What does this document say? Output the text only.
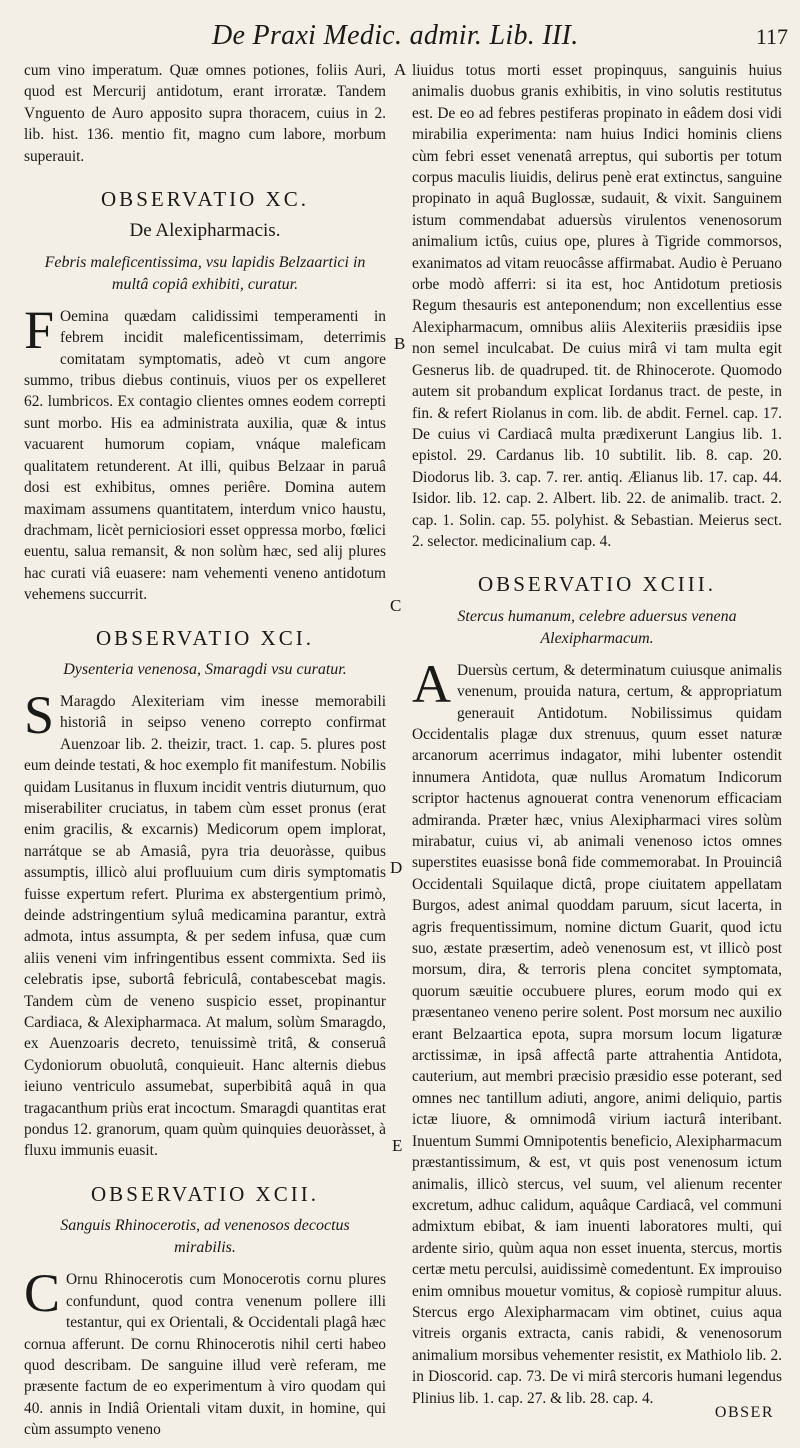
De Praxi Medic. admir. Lib. III.	117

cum vino imperatum. Quæ omnes potiones, foliis Auri, quod est Mercurij antidotum, erant irroratæ. Tandem Vnguento de Auro apposito supra thoracem, cuius in 2. lib. hist. 136. mentio fit, magno cum labore, morbum superauit.

OBSERVATIO XC.
De Alexipharmacis.
Febris maleficentissima, vsu lapidis Belzaartici in multâ copiâ exhibiti, curatur.

F Oemina quædam calidissimi temperamenti in febrem incidit maleficentissimam, deterrimis comitatam symptomatis, adeò vt cum angore summo, tribus diebus continuis, viuos per os expelleret 62. lumbricos. Ex contagio clientes omnes eodem correpti sunt morbo. His ea administrata auxilia, quæ & intus vacuarent humorum copiam, vnáque maleficam qualitatem retunderent. At illi, quibus Belzaar in paruâ dosi est exhibitus, omnes periêre. Domina autem maximam assumens quantitatem, interdum vnico haustu, drachmam, licèt perniciosiori esset oppressa morbo, fœlici euentu, salua remansit, & non solùm hæc, sed alij plures hac curati viâ euasere: nam vehementi veneno antidotum vehemens succurrit.

OBSERVATIO XCI.
Dysenteria venenosa, Smaragdi vsu curatur.

S Maragdo Alexiteriam vim inesse memorabili historiâ in seipso veneno correpto confirmat Auenzoar lib. 2. theizir, tract. 1. cap. 5. plures post eum deinde testati, & hoc exemplo fit manifestum. Nobilis quidam Lusitanus in fluxum incidit ventris diuturnum, quo miserabiliter cruciatus, in tabem cùm esset pronus (erat enim gracilis, & excarnis) Medicorum opem implorat, narrátque se ab Amasiâ, pyra tria deuoràsse, quibus assumptis, illicò alui profluuium cum diris symptomatis fuisse expertum refert. Plurima ex abstergentium primò, deinde adstringentium syluâ medicamina parantur, extrà admota, intus assumpta, & per sedem infusa, quæ cum aliis veneni vim infringentibus essent commixta. Sed iis celebratis ipse, subortâ febriculâ, contabescebat magis. Tandem cùm de veneno suspicio esset, propinantur Cardiaca, & Alexipharmaca. At malum, solùm Smaragdo, ex Auenzoaris decreto, tenuissimè tritâ, & conseruâ Cydoniorum obuolutâ, conquieuit. Hanc alternis diebus ieiuno ventriculo assumebat, superbibitâ aquâ in qua tragacanthum priùs erat incoctum. Smaragdi quantitas erat pondus 12. granorum, quam quùm quinquies deuoràsset, à fluxu immunis euasit.

OBSERVATIO XCII.
Sanguis Rhinocerotis, ad venenosos decoctus mirabilis.

C Ornu Rhinocerotis cum Monocerotis cornu plures confundunt, quod contra venenum pollere illi testantur, qui ex Orientali, & Occidentali plagâ hæc cornua afferunt. De cornu Rhinocerotis nihil certi habeo quod describam. De sanguine illud verè referam, me præsente factum de eo experimentum à viro quodam qui 40. annis in Indiâ Orientali vitam duxit, in homine, qui cùm assumpto veneno

liuidus totus morti esset propinquus, sanguinis huius animalis duobus granis exhibitis, in vino solutis restitutus est. De eo ad febres pestiferas propinato in eâdem dosi vidi mirabilia experimenta: nam huius Indici hominis cliens cùm febri esset venenatâ arreptus, qui subortis per totum corpus maculis liuidis, delirus penè erat extinctus, sanguine propinato in aquâ Buglossæ, sudauit, & vixit. Sanguinem istum commendabat aduersùs virulentos venenosorum animalium ictûs, cuius ope, plures à Tigride commorsos, exanimatos ad vitam reuocâsse affirmabat. Audio è Peruano orbe modò afferri: si ita est, hoc Antidotum pretiosis Regum thesauris est anteponendum; non excellentius esse Alexipharmacum, omnibus aliis Alexiteriis præsidiis ipse non semel inculcabat. De cuius mirâ vi tam multa egit Gesnerus lib. de quadruped. tit. de Rhinocerote. Quomodo autem sit probandum explicat Iordanus tract. de peste, in fin. & refert Riolanus in com. lib. de abdit. Fernel. cap. 17. De cuius vi Cardiacâ multa prædixerunt Langius lib. 1. epistol. 29. Cardanus lib. 10 subtilit. lib. 8. cap. 20. Diodorus lib. 3. cap. 7. rer. antiq. Ælianus lib. 17. cap. 44. Isidor. lib. 12. cap. 2. Albert. lib. 22. de animalib. tract. 2. cap. 1. Solin. cap. 55. polyhist. & Sebastian. Meierus sect. 2. selector. medicinalium cap. 4.

OBSERVATIO XCIII.
Stercus humanum, celebre aduersus venena Alexipharmacum.

A Duersùs certum, & determinatum cuiusque animalis venenum, prouida natura, certum, & appropriatum generauit Antidotum. Nobilissimus quidam Occidentalis plagæ dux strenuus, quum esset naturæ arcanorum acerrimus indagator, mihi lubenter ostendit innumera Antidota, quæ nullus Aromatum Indicorum scriptor hactenus agnouerat contra venenorum efficaciam admiranda. Præter hæc, vnius Alexipharmaci vires solùm mirabatur, cuius vi, ab animali venenoso ictos omnes superstites euasisse bonâ fide commemorabat. In Prouinciâ Occidentali Squilaque dictâ, prope ciuitatem appellatam Burgos, adest animal quoddam paruum, sicut lacerta, in agris frequentissimum, nomine dictum Guarit, quod ictu suo, æstate præsertim, adeò venenosum est, vt illicò post morsum, dira, & terroris plena concitet symptomata, quorum sæuitie occubuere plures, eorum modo qui ex præsentaneo veneno perire solent. Post morsum nec auxilio erant Belzaartica epota, supra morsum locum ligaturæ arctissimæ, in ipsâ affectâ parte attrahentia Antidota, cauterium, aut membri præcisio præsidio esse poterant, sed omnes nec tantillum adiuti, angore, animi deliquio, partis ictæ liuore, & omnimodâ virium iacturâ interibant. Inuentum Summi Omnipotentis beneficio, Alexipharmacum præstantissimum, & est, vt quis post venenosum ictum animalis, illicò stercus, vel suum, vel alienum recenter excretum, adhuc calidum, aquâque Cardiacâ, vel communi admixtum ebibat, & iam inuenti laboratores multi, qui ardente sirio, quùm aqua non esset inuenta, stercus, mortis certæ metu perculsi, auidissimè comedentunt. Ex improuiso enim omnibus mouetur vomitus, & copiosè rumpitur aluus. Stercus ergo Alexipharmacam vim obtinet, cuius aqua vitreis organis extracta, canis rabidi, & venenosorum animalium morsibus vehementer resistit, ex Mathiolo lib. 2. in Dioscorid. cap. 73. De vi mirâ stercoris humani legendus Plinius lib. 1. cap. 27. & lib. 28. cap. 4.

A
B
C
D
E
OBSER
